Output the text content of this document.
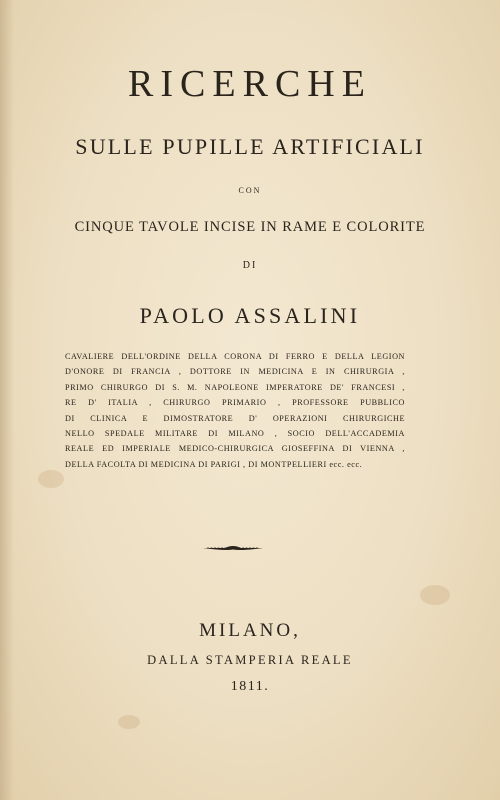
RICERCHE
SULLE PUPILLE ARTIFICIALI
CON
CINQUE TAVOLE INCISE IN RAME E COLORITE
DI
PAOLO ASSALINI
CAVALIERE DELL'ORDINE DELLA CORONA DI FERRO E DELLA LEGION
D'ONORE DI FRANCIA , DOTTORE IN MEDICINA E IN CHIRURGIA ,
PRIMO CHIRURGO DI S. M. NAPOLEONE IMPERATORE DE' FRANCESI ,
RE D' ITALIA , CHIRURGO PRIMARIO , PROFESSORE PUBBLICO
DI CLINICA E DIMOSTRATORE D' OPERAZIONI CHIRURGICHE
NELLO SPEDALE MILITARE DI MILANO , SOCIO DELL'ACCADEMIA
REALE ED IMPERIALE MEDICO-CHIRURGICA GIOSEFFINA DI VIENNA ,
DELLA FACOLTA DI MEDICINA DI PARIGI , DI MONTPELLIERI ecc. ecc.
MILANO,
DALLA STAMPERIA REALE
1811.
